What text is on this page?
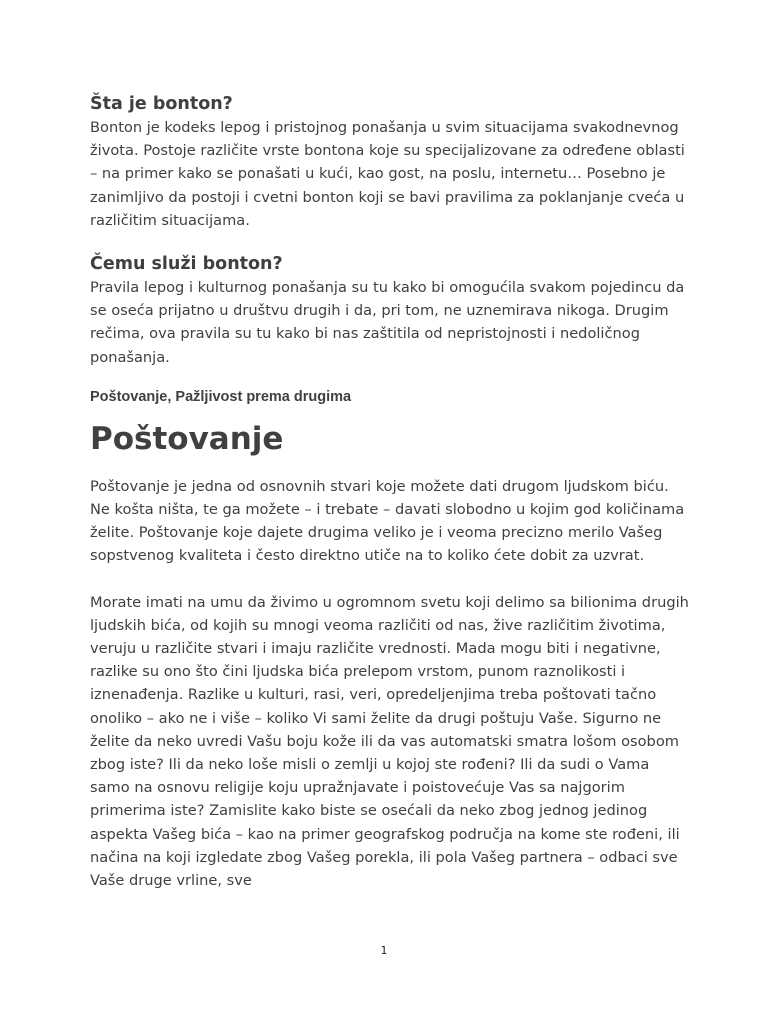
Šta je bonton?

Bonton je kodeks lepog i pristojnog ponašanja u svim situacijama svakodnevnog života. Postoje različite vrste bontona koje su specijalizovane za određene oblasti – na primer kako se ponašati u kući, kao gost, na poslu, internetu… Posebno je zanimljivo da postoji i cvetni bonton koji se bavi pravilima za poklanjanje cveća u različitim situacijama.

Čemu služi bonton?

Pravila lepog i kulturnog ponašanja su tu kako bi omogućila svakom pojedincu da se oseća prijatno u društvu drugih i da, pri tom, ne uznemirava nikoga. Drugim rečima, ova pravila su tu kako bi nas zaštitila od nepristojnosti i nedoličnog ponašanja.

Poštovanje, Pažljivost prema drugima
Poštovanje

Poštovanje je jedna od osnovnih stvari koje možete dati drugom ljudskom biću. Ne košta ništa, te ga možete – i trebate – davati slobodno u kojim god količinama želite. Poštovanje koje dajete drugima veliko je i veoma precizno merilo Vašeg sopstvenog kvaliteta i često direktno utiče na to koliko ćete dobit za uzvrat.

Morate imati na umu da živimo u ogromnom svetu koji delimo sa bilionima drugih ljudskih bića, od kojih su mnogi veoma različiti od nas, žive različitim životima, veruju u različite stvari i imaju različite vrednosti. Mada mogu biti i negativne, razlike su ono što čini ljudska bića prelepom vrstom, punom raznolikosti i iznenađenja. Razlike u kulturi, rasi, veri, opredeljenjima treba poštovati tačno onoliko – ako ne i više – koliko Vi sami želite da drugi poštuju Vaše. Sigurno ne želite da neko uvredi Vašu boju kože ili da vas automatski smatra lošom osobom zbog iste? Ili da neko loše misli o zemlji u kojoj ste rođeni? Ili da sudi o Vama samo na osnovu religije koju upražnjavate i poistovećuje Vas sa najgorim primerima iste? Zamislite kako biste se osećali da neko zbog jednog jedinog aspekta Vašeg bića – kao na primer geografskog područja na kome ste rođeni, ili načina na koji izgledate zbog Vašeg porekla, ili pola Vašeg partnera – odbaci sve Vaše druge vrline, sve

1
